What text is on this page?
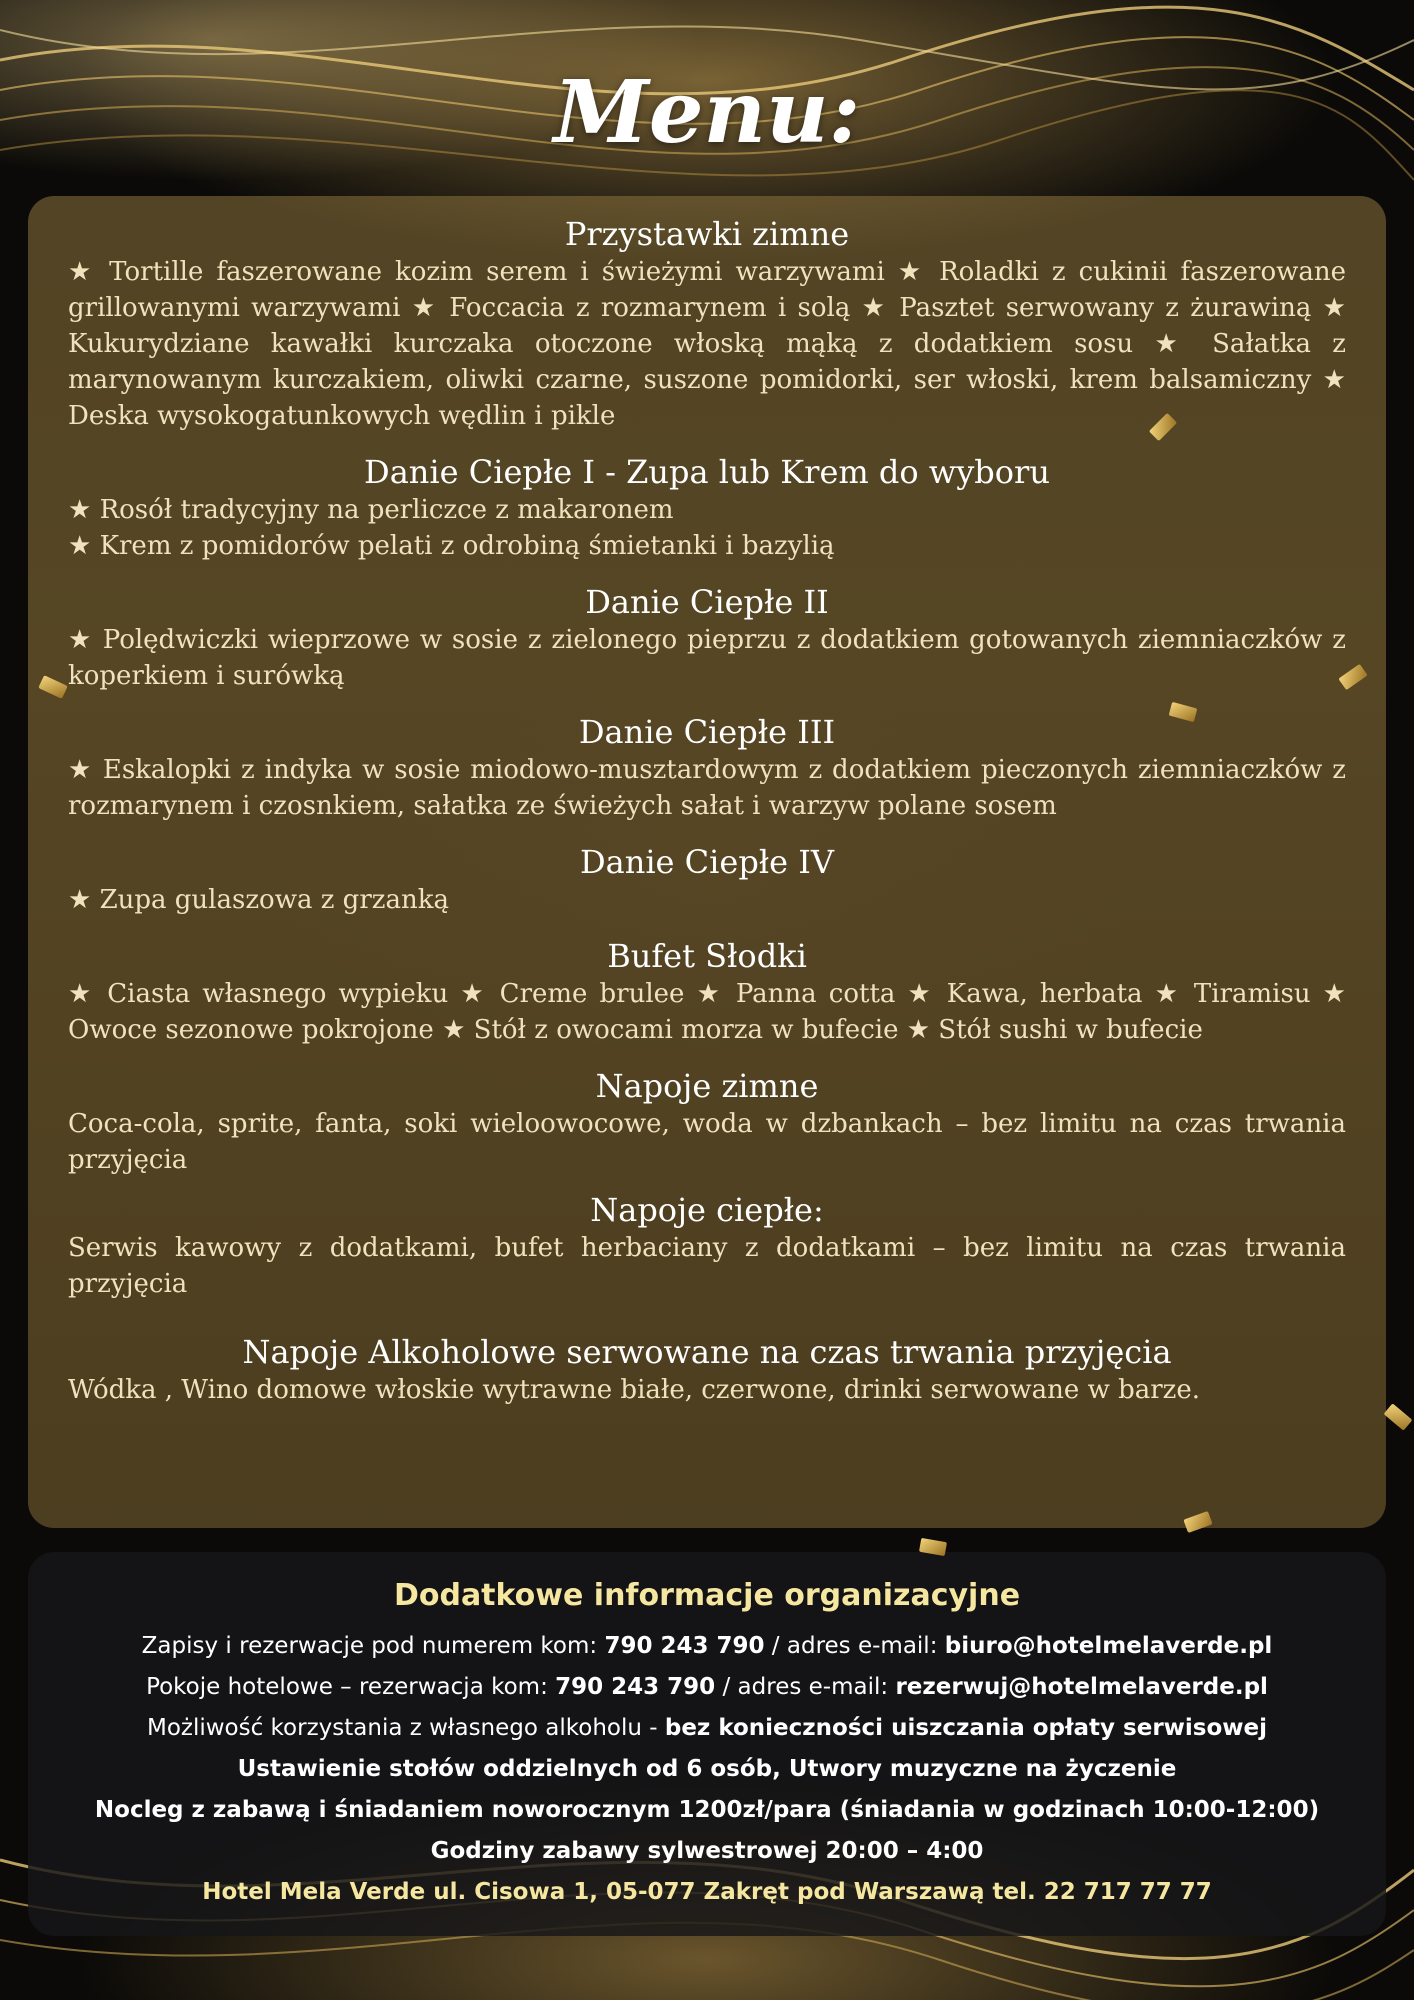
Menu:

Przystawki zimne

★ Tortille faszerowane kozim serem i świeżymi warzywami ★ Roladki z cukinii faszerowane grillowanymi warzywami ★ Foccacia z rozmarynem i solą ★ Pasztet serwowany z żurawiną ★ Kukurydziane kawałki kurczaka otoczone włoską mąką z dodatkiem sosu ★ Sałatka z marynowanym kurczakiem, oliwki czarne, suszone pomidorki, ser włoski, krem balsamiczny ★ Deska wysokogatunkowych wędlin i pikle

Danie Ciepłe I - Zupa lub Krem do wyboru

★ Rosół tradycyjny na perliczce z makaronem
★ Krem z pomidorów pelati z odrobiną śmietanki i bazylią

Danie Ciepłe II

★ Polędwiczki wieprzowe w sosie z zielonego pieprzu z dodatkiem gotowanych ziemniaczków z koperkiem i surówką

Danie Ciepłe III

★ Eskalopki z indyka w sosie miodowo-musztardowym z dodatkiem pieczonych ziemniaczków z rozmarynem i czosnkiem, sałatka ze świeżych sałat i warzyw polane sosem

Danie Ciepłe IV

★ Zupa gulaszowa z grzanką

Bufet Słodki

★ Ciasta własnego wypieku ★ Creme brulee ★ Panna cotta ★ Kawa, herbata ★ Tiramisu ★ Owoce sezonowe pokrojone ★ Stół z owocami morza w bufecie ★ Stół sushi w bufecie

Napoje zimne

Coca-cola, sprite, fanta, soki wieloowocowe, woda w dzbankach – bez limitu na czas trwania przyjęcia

Napoje ciepłe:

Serwis kawowy z dodatkami, bufet herbaciany z dodatkami – bez limitu na czas trwania przyjęcia

Napoje Alkoholowe serwowane na czas trwania przyjęcia

Wódka , Wino domowe włoskie wytrawne białe, czerwone, drinki serwowane w barze.

Dodatkowe informacje organizacyjne

Zapisy i rezerwacje pod numerem kom: 790 243 790 / adres e-mail: biuro@hotelmelaverde.pl

Pokoje hotelowe – rezerwacja kom: 790 243 790 / adres e-mail: rezerwuj@hotelmelaverde.pl

Możliwość korzystania z własnego alkoholu - bez konieczności uiszczania opłaty serwisowej

Ustawienie stołów oddzielnych od 6 osób, Utwory muzyczne na życzenie

Nocleg z zabawą i śniadaniem noworocznym 1200zł/para (śniadania w godzinach 10:00-12:00)

Godziny zabawy sylwestrowej 20:00 – 4:00

Hotel Mela Verde ul. Cisowa 1, 05-077 Zakręt pod Warszawą tel. 22 717 77 77
